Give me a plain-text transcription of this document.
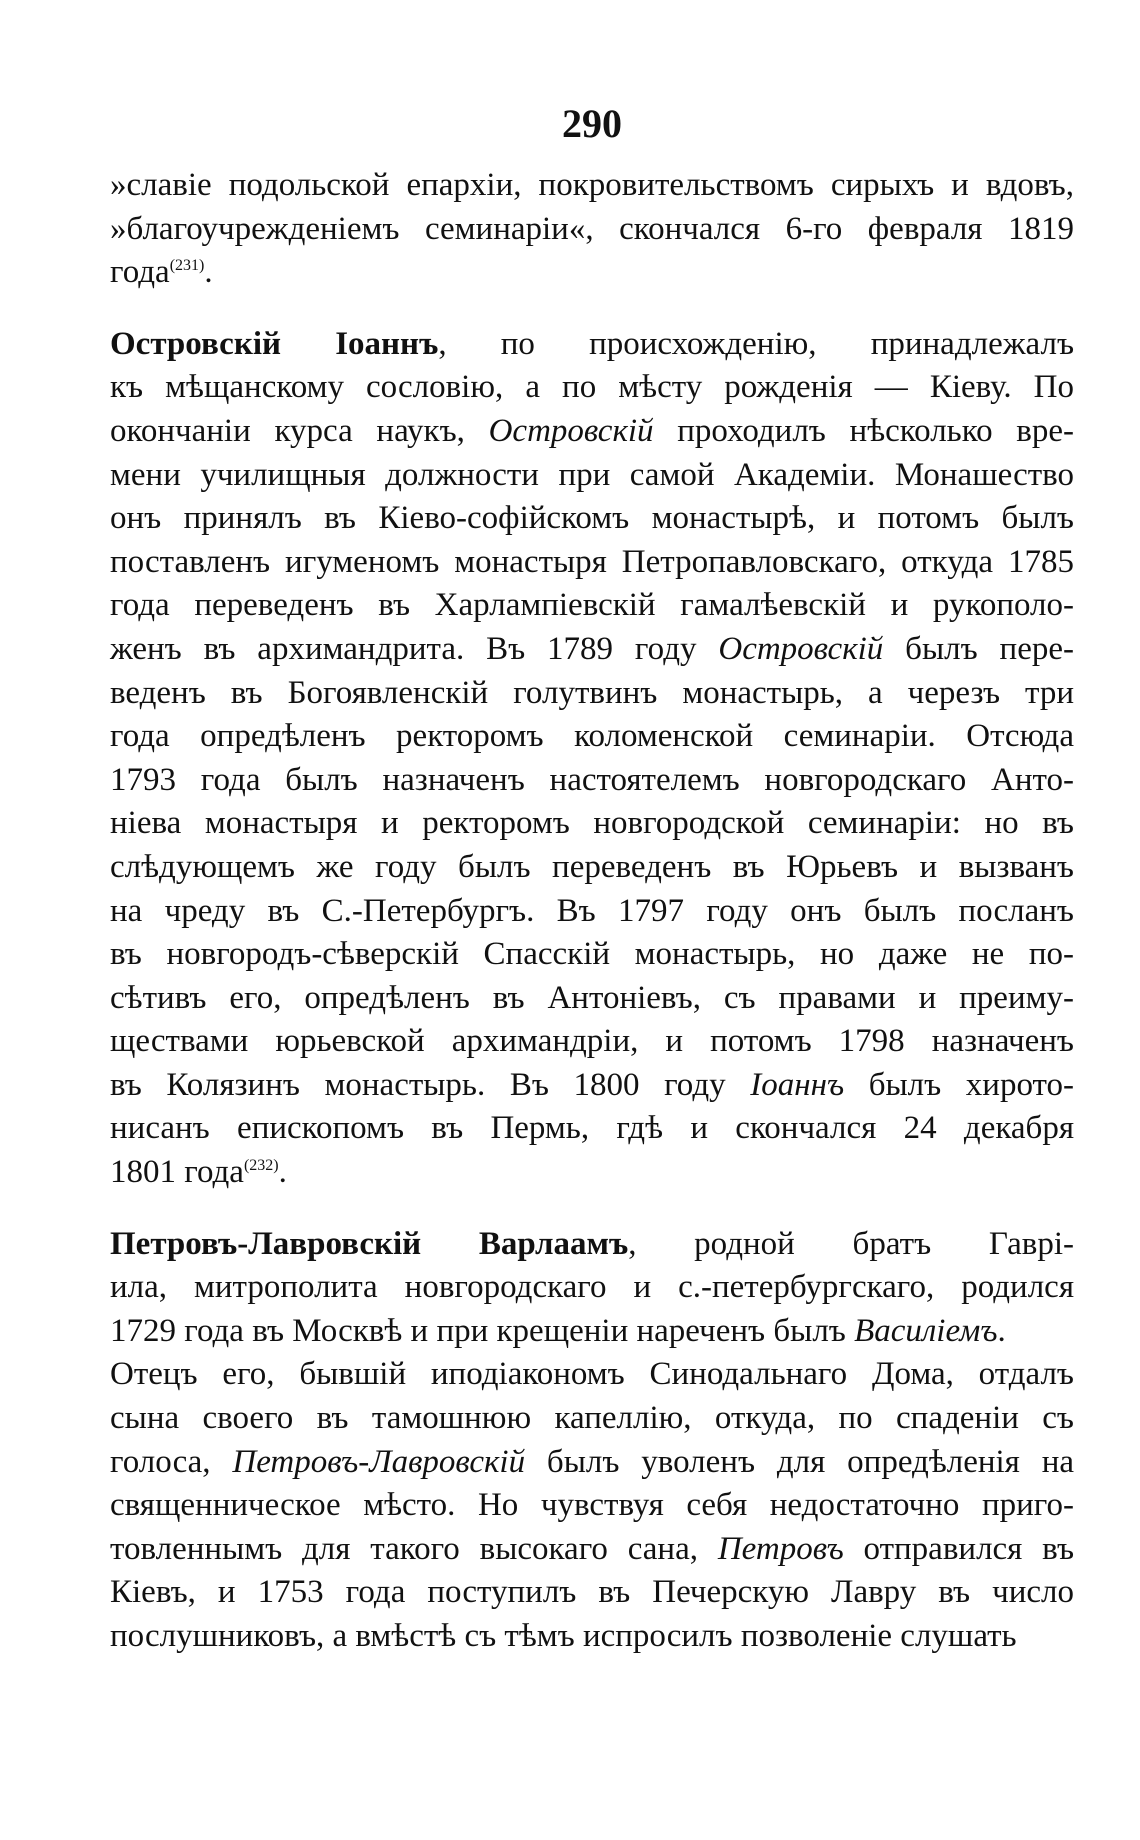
290
»славіе подольской епархіи, покровительствомъ сирыхъ и вдовъ,
»благоучрежденіемъ семинаріи«, скончался 6-го февраля 1819
года$^{(231)}$.
Островскій Іоаннъ, по происхожденію, принадлежалъ
къ мѣщанскому сословію, а по мѣсту рожденія — Кіеву. По
окончаніи курса наукъ, Островскій проходилъ нѣсколько вре-
мени училищныя должности при самой Академіи. Монашество
онъ принялъ въ Кіево-софійскомъ монастырѣ, и потомъ былъ
поставленъ игуменомъ монастыря Петропавловскаго, откуда 1785
года переведенъ въ Харлампіевскій гамалѣевскій и рукополо-
женъ въ архимандрита. Въ 1789 году Островскій былъ пере-
веденъ въ Богоявленскій голутвинъ монастырь, а черезъ три
года опредѣленъ ректоромъ коломенской семинаріи. Отсюда
1793 года былъ назначенъ настоятелемъ новгородскаго Анто-
ніева монастыря и ректоромъ новгородской семинаріи: но въ
слѣдующемъ же году былъ переведенъ въ Юрьевъ и вызванъ
на чреду въ С.-Петербургъ. Въ 1797 году онъ былъ посланъ
въ новгородъ-сѣверскій Спасскій монастырь, но даже не по-
сѣтивъ его, опредѣленъ въ Антоніевъ, съ правами и преиму-
ществами юрьевской архимандріи, и потомъ 1798 назначенъ
въ Колязинъ монастырь. Въ 1800 году Іоаннъ былъ хирото-
нисанъ епископомъ въ Пермь, гдѣ и скончался 24 декабря
1801 года$^{(232)}$.
Петровъ-Лавровскій Варлаамъ, родной братъ Гаврі-
ила, митрополита новгородскаго и с.-петербургскаго, родился
1729 года въ Москвѣ и при крещеніи нареченъ былъ Василіемъ.
Отецъ его, бывшій иподіакономъ Синодальнаго Дома, отдалъ
сына своего въ тамошнюю капеллію, откуда, по спаденіи съ
голоса, Петровъ-Лавровскій былъ уволенъ для опредѣленія на
священническое мѣсто. Но чувствуя себя недостаточно приго-
товленнымъ для такого высокаго сана, Петровъ отправился въ
Кіевъ, и 1753 года поступилъ въ Печерскую Лавру въ число
послушниковъ, а вмѣстѣ съ тѣмъ испросилъ позволеніе слушать
